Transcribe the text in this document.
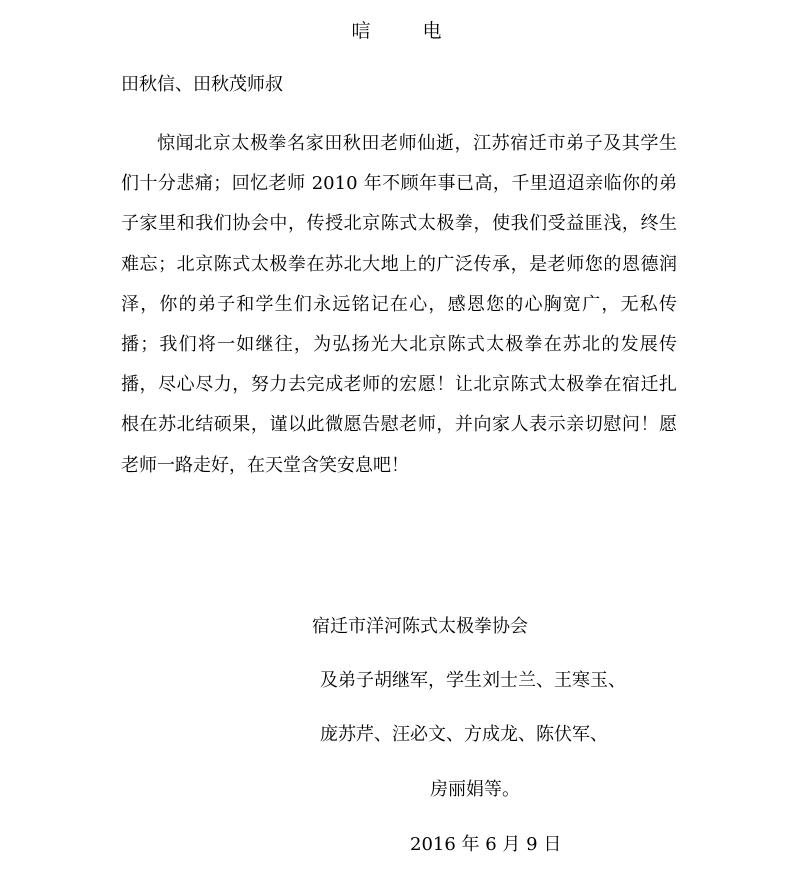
唁电
田秋信、田秋茂师叔
惊闻北京太极拳名家田秋田老师仙逝，江苏宿迁市弟子及其学生们十分悲痛；回忆老师 2010 年不顾年事已高，千里迢迢亲临你的弟子家里和我们协会中，传授北京陈式太极拳，使我们受益匪浅，终生难忘；北京陈式太极拳在苏北大地上的广泛传承，是老师您的恩德润泽，你的弟子和学生们永远铭记在心，感恩您的心胸宽广，无私传播；我们将一如继往，为弘扬光大北京陈式太极拳在苏北的发展传播，尽心尽力，努力去完成老师的宏愿！让北京陈式太极拳在宿迁扎根在苏北结硕果，谨以此微愿告慰老师，并向家人表示亲切慰问！愿老师一路走好，在天堂含笑安息吧！
宿迁市洋河陈式太极拳协会
及弟子胡继军，学生刘士兰、王寒玉、
庞苏芹、汪必文、方成龙、陈伏军、
房丽娟等。
2016 年 6 月 9 日
